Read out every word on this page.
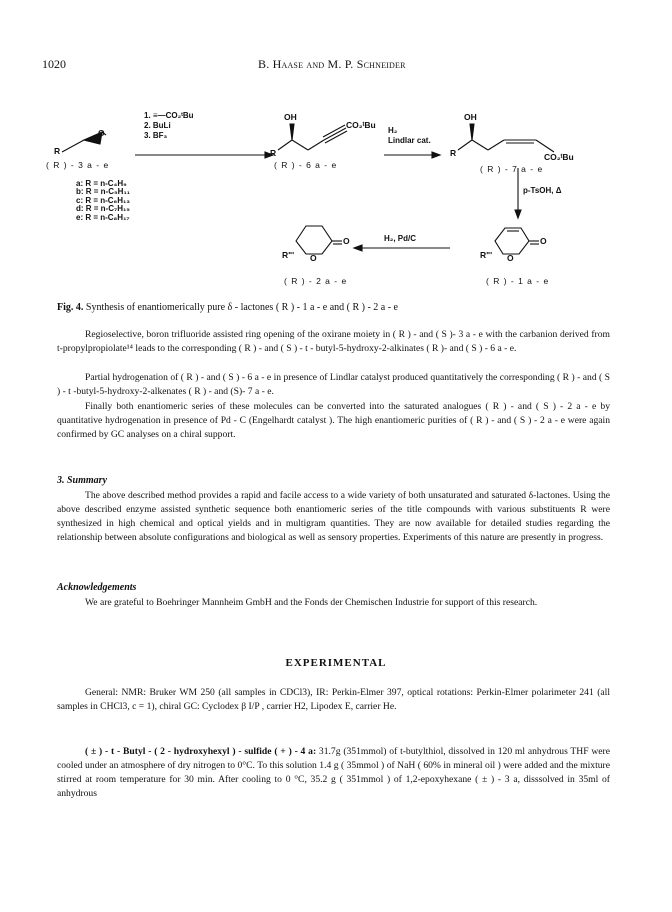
1020	B. Haase and M. P. Schneider
1. ≡—CO₂ᵗBu
2. BuLi
3. BF₃
H₂
Lindlar cat.
p-TsOH, Δ
H₂, Pd/C
R
O
OH
R
CO₂ᵗBu
OH
R	CO₂ᵗBu
R"' O
O
R"' O
O
( R ) - 3 a - e	( R ) - 6 a - e	( R ) - 7 a - e
( R ) - 1 a - e
( R ) - 2 a - e
a: R = n-C₄H₉
b: R = n-C₅H₁₁
c: R = n-C₆H₁₃
d: R = n-C₇H₁₅
e: R = n-C₈H₁₇
Fig. 4. Synthesis of enantiomerically pure δ - lactones ( R ) - 1 a - e and ( R ) - 2 a - e
Regioselective, boron trifluoride assisted ring opening of the oxirane moiety in ( R ) - and ( S )- 3 a - e with the carbanion derived from t-propylpropiolate¹⁴ leads to the corresponding ( R ) - and ( S ) - t - butyl-5-hydroxy-2-alkinates ( R )- and ( S ) - 6 a - e.
Partial hydrogenation of ( R ) - and ( S ) - 6 a - e in presence of Lindlar catalyst produced quantitatively the corresponding ( R ) - and ( S ) - t -butyl-5-hydroxy-2-alkenates ( R ) - and (S)- 7 a - e.
Finally both enantiomeric series of these molecules can be converted into the saturated analogues ( R ) - and ( S ) - 2 a - e by quantitative hydrogenation in presence of Pd - C (Engelhardt catalyst ). The high enantiomeric purities of ( R ) - and ( S ) - 2 a - e were again confirmed by GC analyses on a chiral support.
3. Summary
The above described method provides a rapid and facile access to a wide variety of both unsaturated and saturated δ-lactones. Using the above described enzyme assisted synthetic sequence both enantiomeric series of the title compounds with various substituents R were synthesized in high chemical and optical yields and in multigram quantities. They are now available for detailed studies regarding the relationship between absolute configurations and biological as well as sensory properties. Experiments of this nature are presently in progress.
Acknowledgements
We are grateful to Boehringer Mannheim GmbH and the Fonds der Chemischen Industrie for support of this research.
EXPERIMENTAL
General: NMR: Bruker WM 250 (all samples in CDCl3), IR: Perkin-Elmer 397, optical rotations: Perkin-Elmer polarimeter 241 (all samples in CHCl3, c = 1), chiral GC: Cyclodex β I/P , carrier H2, Lipodex E, carrier He.
( ± ) - t - Butyl - ( 2 - hydroxyhexyl ) - sulfide ( + ) - 4 a: 31.7g (351mmol) of t-butylthiol, dissolved in 120 ml anhydrous THF were cooled under an atmosphere of dry nitrogen to 0°C. To this solution 1.4 g ( 35mmol ) of NaH ( 60% in mineral oil ) were added and the mixture stirred at room temperature for 30 min. After cooling to 0 °C, 35.2 g ( 351mmol ) of 1,2-epoxyhexane ( ± ) - 3 a, disssolved in 35ml of anhydrous
